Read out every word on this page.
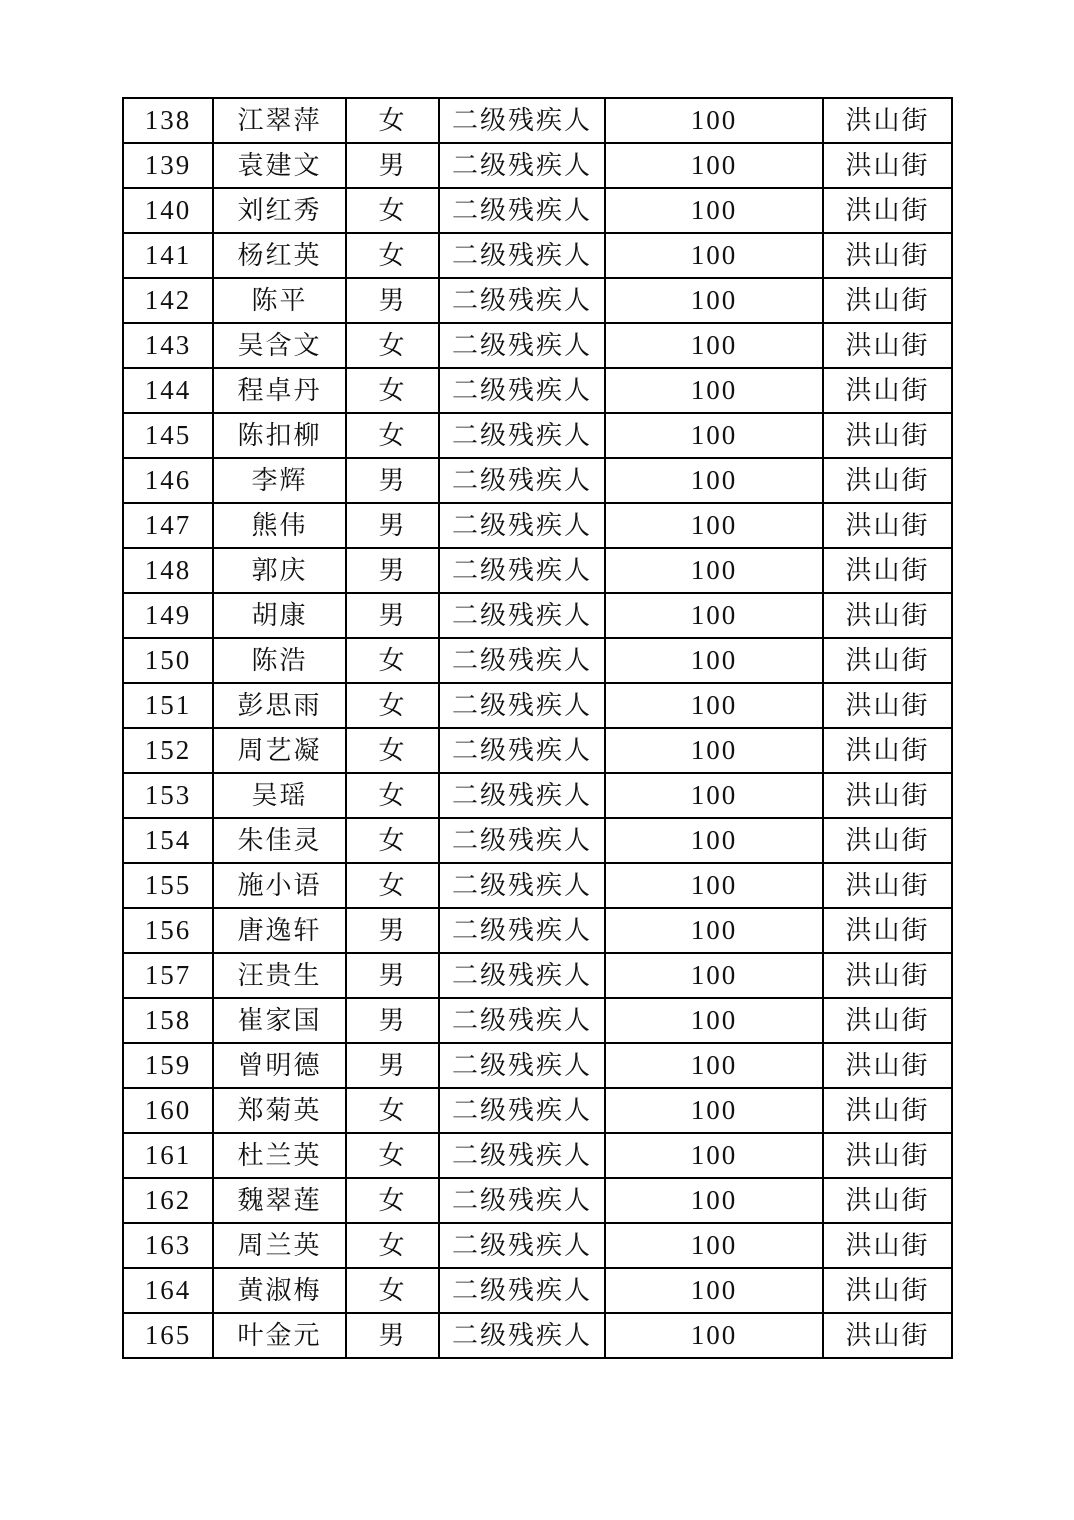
138	江翠萍	女	二级残疾人	100	洪山街
139	袁建文	男	二级残疾人	100	洪山街
140	刘红秀	女	二级残疾人	100	洪山街
141	杨红英	女	二级残疾人	100	洪山街
142	陈平	男	二级残疾人	100	洪山街
143	吴含文	女	二级残疾人	100	洪山街
144	程卓丹	女	二级残疾人	100	洪山街
145	陈扣柳	女	二级残疾人	100	洪山街
146	李辉	男	二级残疾人	100	洪山街
147	熊伟	男	二级残疾人	100	洪山街
148	郭庆	男	二级残疾人	100	洪山街
149	胡康	男	二级残疾人	100	洪山街
150	陈浩	女	二级残疾人	100	洪山街
151	彭思雨	女	二级残疾人	100	洪山街
152	周艺凝	女	二级残疾人	100	洪山街
153	吴瑶	女	二级残疾人	100	洪山街
154	朱佳灵	女	二级残疾人	100	洪山街
155	施小语	女	二级残疾人	100	洪山街
156	唐逸轩	男	二级残疾人	100	洪山街
157	汪贵生	男	二级残疾人	100	洪山街
158	崔家国	男	二级残疾人	100	洪山街
159	曾明德	男	二级残疾人	100	洪山街
160	郑菊英	女	二级残疾人	100	洪山街
161	杜兰英	女	二级残疾人	100	洪山街
162	魏翠莲	女	二级残疾人	100	洪山街
163	周兰英	女	二级残疾人	100	洪山街
164	黄淑梅	女	二级残疾人	100	洪山街
165	叶金元	男	二级残疾人	100	洪山街
